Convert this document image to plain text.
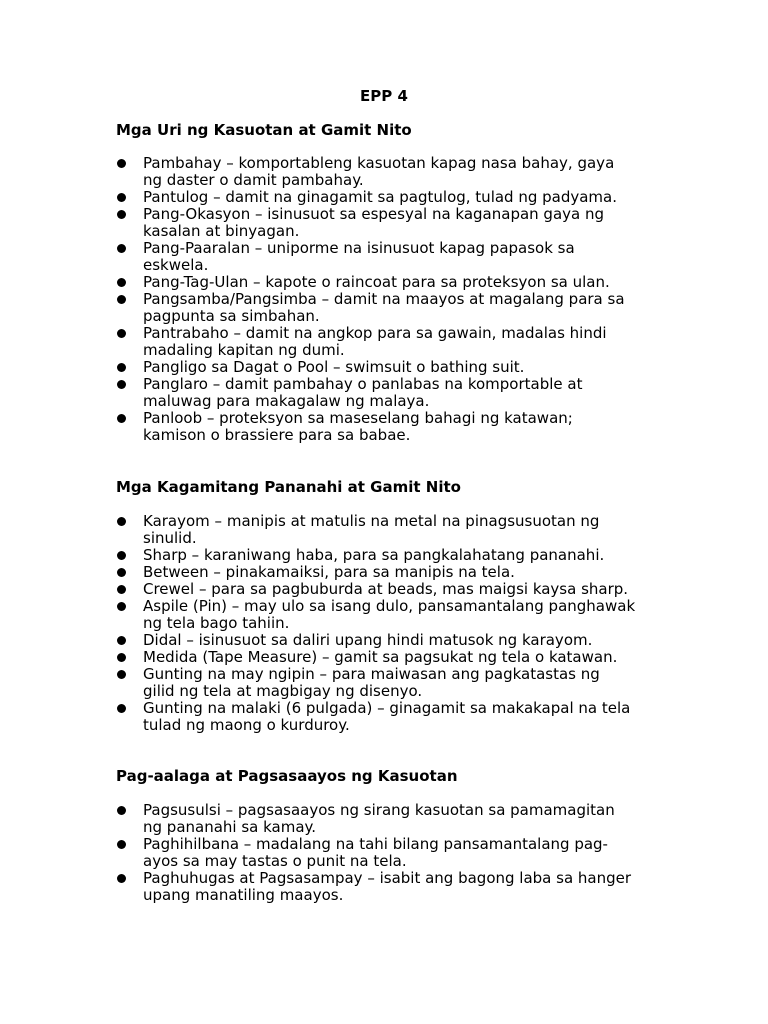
EPP 4
Mga Uri ng Kasuotan at Gamit Nito
Pambahay – komportableng kasuotan kapag nasa bahay, gaya
ng daster o damit pambahay.
Pantulog – damit na ginagamit sa pagtulog, tulad ng padyama.
Pang-Okasyon – isinusuot sa espesyal na kaganapan gaya ng
kasalan at binyagan.
Pang-Paaralan – uniporme na isinusuot kapag papasok sa
eskwela.
Pang-Tag-Ulan – kapote o raincoat para sa proteksyon sa ulan.
Pangsamba/Pangsimba – damit na maayos at magalang para sa
pagpunta sa simbahan.
Pantrabaho – damit na angkop para sa gawain, madalas hindi
madaling kapitan ng dumi.
Pangligo sa Dagat o Pool – swimsuit o bathing suit.
Panglaro – damit pambahay o panlabas na komportable at
maluwag para makagalaw ng malaya.
Panloob – proteksyon sa maseselang bahagi ng katawan;
kamison o brassiere para sa babae.
Mga Kagamitang Pananahi at Gamit Nito
Karayom – manipis at matulis na metal na pinagsusuotan ng
sinulid.
Sharp – karaniwang haba, para sa pangkalahatang pananahi.
Between – pinakamaiksi, para sa manipis na tela.
Crewel – para sa pagbuburda at beads, mas maigsi kaysa sharp.
Aspile (Pin) – may ulo sa isang dulo, pansamantalang panghawak
ng tela bago tahiin.
Didal – isinusuot sa daliri upang hindi matusok ng karayom.
Medida (Tape Measure) – gamit sa pagsukat ng tela o katawan.
Gunting na may ngipin – para maiwasan ang pagkatastas ng
gilid ng tela at magbigay ng disenyo.
Gunting na malaki (6 pulgada) – ginagamit sa makakapal na tela
tulad ng maong o kurduroy.
Pag-aalaga at Pagsasaayos ng Kasuotan
Pagsusulsi – pagsasaayos ng sirang kasuotan sa pamamagitan
ng pananahi sa kamay.
Paghihilbana – madalang na tahi bilang pansamantalang pag-
ayos sa may tastas o punit na tela.
Paghuhugas at Pagsasampay – isabit ang bagong laba sa hanger
upang manatiling maayos.
